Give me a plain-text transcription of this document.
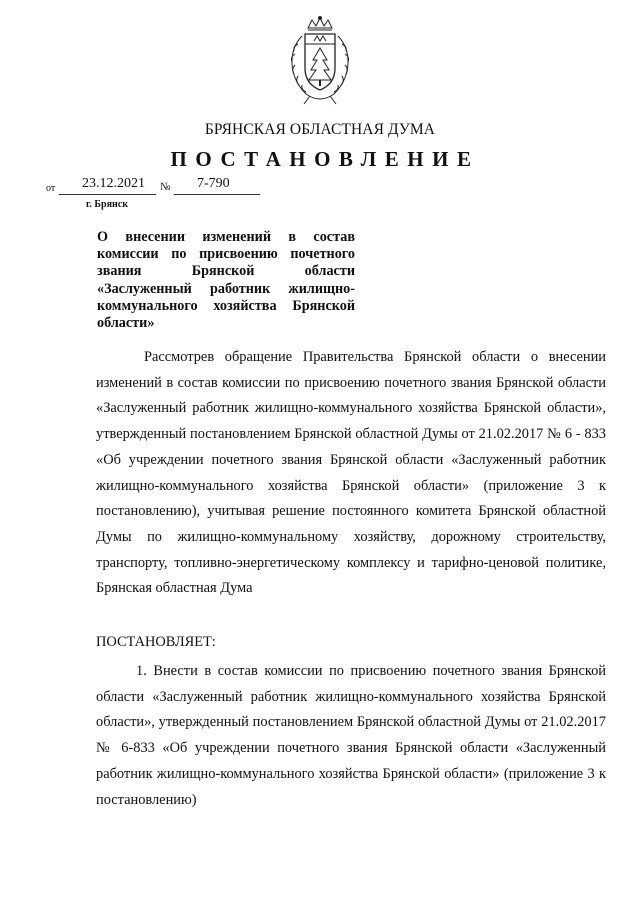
БРЯНСКАЯ ОБЛАСТНАЯ ДУМА
ПОСТАНОВЛЕНИЕ
от 23.12.2021 № 7-790
г. Брянск
О внесении изменений в состав комиссии по присвоению почетного звания Брянской области «Заслуженный работник жилищно-коммунального хозяйства Брянской области»
Рассмотрев обращение Правительства Брянской области о внесении изменений в состав комиссии по присвоению почетного звания Брянской области «Заслуженный работник жилищно-коммунального хозяйства Брянской области», утвержденный постановлением Брянской областной Думы от 21.02.2017 № 6 - 833 «Об учреждении почетного звания Брянской области «Заслуженный работник жилищно-коммунального хозяйства Брянской области» (приложение 3 к постановлению), учитывая решение постоянного комитета Брянской областной Думы по жилищно-коммунальному хозяйству, дорожному строительству, транспорту, топливно-энергетическому комплексу и тарифно-ценовой политике, Брянская областная Дума
ПОСТАНОВЛЯЕТ:
1. Внести в состав комиссии по присвоению почетного звания Брянской области «Заслуженный работник жилищно-коммунального хозяйства Брянской области», утвержденный постановлением Брянской областной Думы от 21.02.2017 № 6-833 «Об учреждении почетного звания Брянской области «Заслуженный работник жилищно-коммунального хозяйства Брянской области» (приложение 3 к постановлению)
